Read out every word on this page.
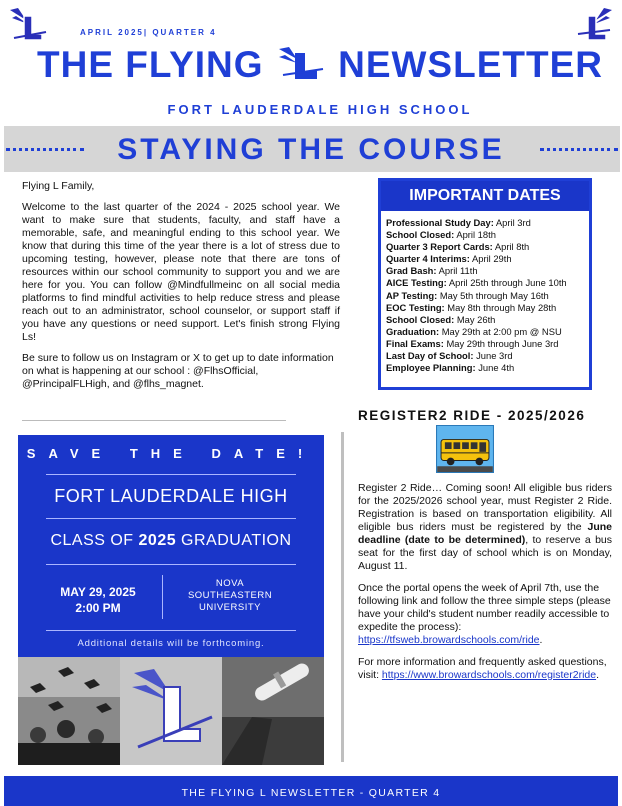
APRIL 2025| QUARTER 4
THE FLYING NEWSLETTER
FORT LAUDERDALE HIGH SCHOOL
STAYING THE COURSE

Flying L Family,

Welcome to the last quarter of the 2024 - 2025 school year. We want to make sure that students, faculty, and staff have a memorable, safe, and meaningful ending to this school year. We know that during this time of the year there is a lot of stress due to upcoming testing, however, please note that there are tons of resources within our school community to support you and we are here for you. You can follow @Mindfullmeinc on all social media platforms to find mindful activities to help reduce stress and please reach out to an administrator, school counselor, or support staff if you have any questions or need support. Let's finish strong Flying Ls!

Be sure to follow us on Instagram or X to get up to date information on what is happening at our school : @FlhsOfficial, @PrincipalFLHigh, and @flhs_magnet.

IMPORTANT DATES
Professional Study Day: April 3rd
School Closed: April 18th
Quarter 3 Report Cards: April 8th
Quarter 4 Interims: April 29th
Grad Bash: April 11th
AICE Testing: April 25th through June 10th
AP Testing: May 5th through May 16th
EOC Testing: May 8th through May 28th
School Closed: May 26th
Graduation: May 29th at 2:00 pm @ NSU
Final Exams: May 29th through June 3rd
Last Day of School: June 3rd
Employee Planning: June 4th
REGISTER2 RIDE - 2025/2026

Register 2 Ride… Coming soon! All eligible bus riders for the 2025/2026 school year, must Register 2 Ride. Registration is based on transportation eligibility. All eligible bus riders must be registered by the June deadline (date to be determined), to reserve a bus seat for the first day of school which is on Monday, August 11.

Once the portal opens the week of April 7th, use the following link and follow the three simple steps (please have your child's student number readily accessible to expedite the process): https://tfsweb.browardschools.com/ride.

For more information and frequently asked questions, visit: https://www.browardschools.com/register2ride.

SAVE THE DATE!
FORT LAUDERDALE HIGH
CLASS OF 2025 GRADUATION
MAY 29, 2025
2:00 PM
NOVA
SOUTHEASTERN
UNIVERSITY
Additional details will be forthcoming.
THE FLYING L NEWSLETTER - QUARTER 4
